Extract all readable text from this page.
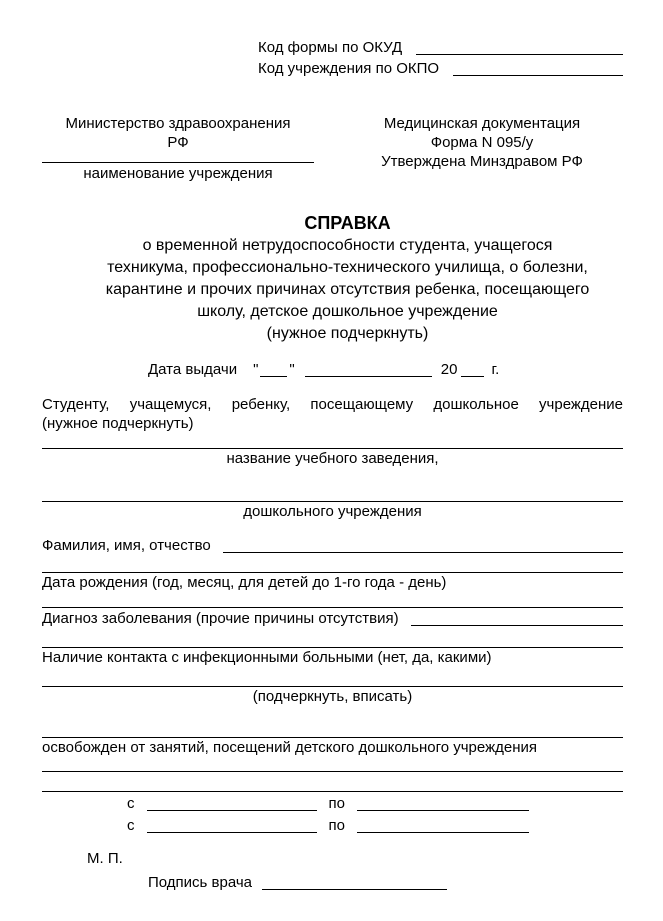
Код формы по ОКУД
Код учреждения по ОКПО
Министерство здравоохранения
РФ
наименование учреждения
Медицинская документация
Форма N 095/у
Утверждена Минздравом РФ
СПРАВКА
о временной нетрудоспособности студента, учащегося
техникума, профессионально-технического училища, о болезни,
карантине и прочих причинах отсутствия ребенка, посещающего
школу, детское дошкольное учреждение
(нужное подчеркнуть)
Дата выдачи " "	20 г.
Студенту, учащемуся, ребенку, посещающему дошкольное учреждение
(нужное подчеркнуть)
название учебного заведения,
дошкольного учреждения
Фамилия, имя, отчество
Дата рождения (год, месяц, для детей до 1-го года - день)
Диагноз заболевания (прочие причины отсутствия)
Наличие контакта с инфекционными больными (нет, да, какими)
(подчеркнуть, вписать)
освобожден от занятий, посещений детского дошкольного учреждения
с	по
с	по
М. П.
Подпись врача
